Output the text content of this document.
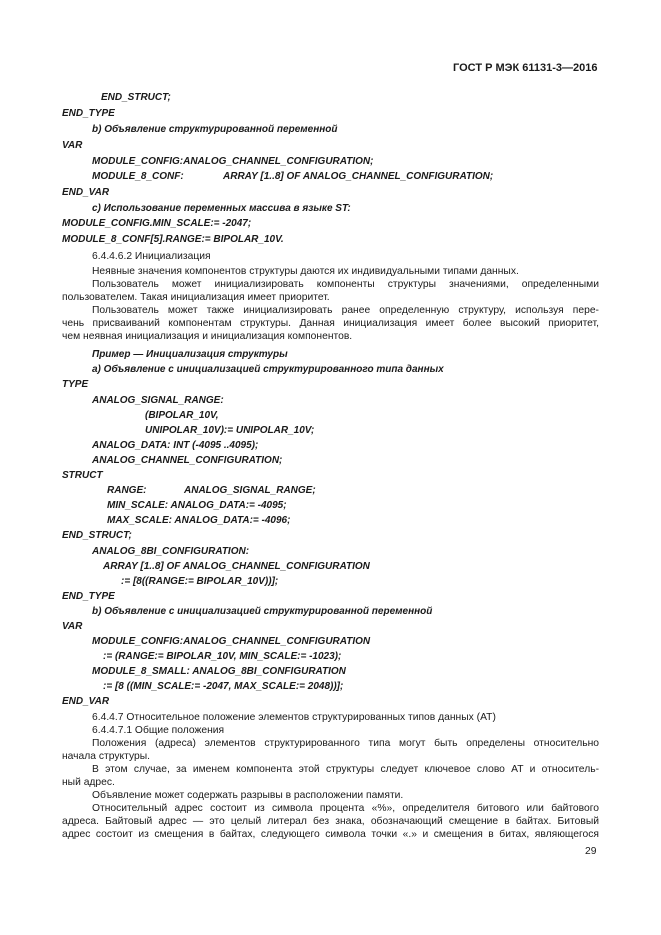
ГОСТ Р МЭК 61131-3—2016
END_STRUCT;
END_TYPE
b) Объявление структурированной переменной
VAR
MODULE_CONFIG:ANALOG_CHANNEL_CONFIGURATION;
MODULE_8_CONF:	ARRAY [1..8] OF ANALOG_CHANNEL_CONFIGURATION;
END_VAR
c) Использование переменных массива в языке ST:
MODULE_CONFIG.MIN_SCALE:= -2047;
MODULE_8_CONF[5].RANGE:= BIPOLAR_10V.
6.4.4.6.2 Инициализация
Неявные значения компонентов структуры даются их индивидуальными типами данных.
Пользователь может инициализировать компоненты структуры значениями, определенными
пользователем. Такая инициализация имеет приоритет.
Пользователь может также инициализировать ранее определенную структуру, используя пере-
чень присваиваний компонентам структуры. Данная инициализация имеет более высокий приоритет,
чем неявная инициализация и инициализация компонентов.
Пример — Инициализация структуры
a) Объявление с инициализацией структурированного типа данных
TYPE
ANALOG_SIGNAL_RANGE:
(BIPOLAR_10V,
UNIPOLAR_10V):= UNIPOLAR_10V;
ANALOG_DATA: INT (-4095 ..4095);
ANALOG_CHANNEL_CONFIGURATION;
STRUCT
RANGE:	ANALOG_SIGNAL_RANGE;
MIN_SCALE: ANALOG_DATA:= -4095;
MAX_SCALE: ANALOG_DATA:= -4096;
END_STRUCT;
ANALOG_8BI_CONFIGURATION:
ARRAY [1..8] OF ANALOG_CHANNEL_CONFIGURATION
:= [8((RANGE:= BIPOLAR_10V))];
END_TYPE
b) Объявление с инициализацией структурированной переменной
VAR
MODULE_CONFIG:ANALOG_CHANNEL_CONFIGURATION
:= (RANGE:= BIPOLAR_10V, MIN_SCALE:= -1023);
MODULE_8_SMALL: ANALOG_8BI_CONFIGURATION
:= [8 ((MIN_SCALE:= -2047, MAX_SCALE:= 2048))];
END_VAR
6.4.4.7 Относительное положение элементов структурированных типов данных (AT)
6.4.4.7.1 Общие положения
Положения (адреса) элементов структурированного типа могут быть определены относительно
начала структуры.
В этом случае, за именем компонента этой структуры следует ключевое слово AT и относитель-
ный адрес.
Объявление может содержать разрывы в расположении памяти.
Относительный адрес состоит из символа процента «%», определителя битового или байтового
адреса. Байтовый адрес — это целый литерал без знака, обозначающий смещение в байтах. Битовый
адрес состоит из смещения в байтах, следующего символа точки «.» и смещения в битах, являющегося
29
